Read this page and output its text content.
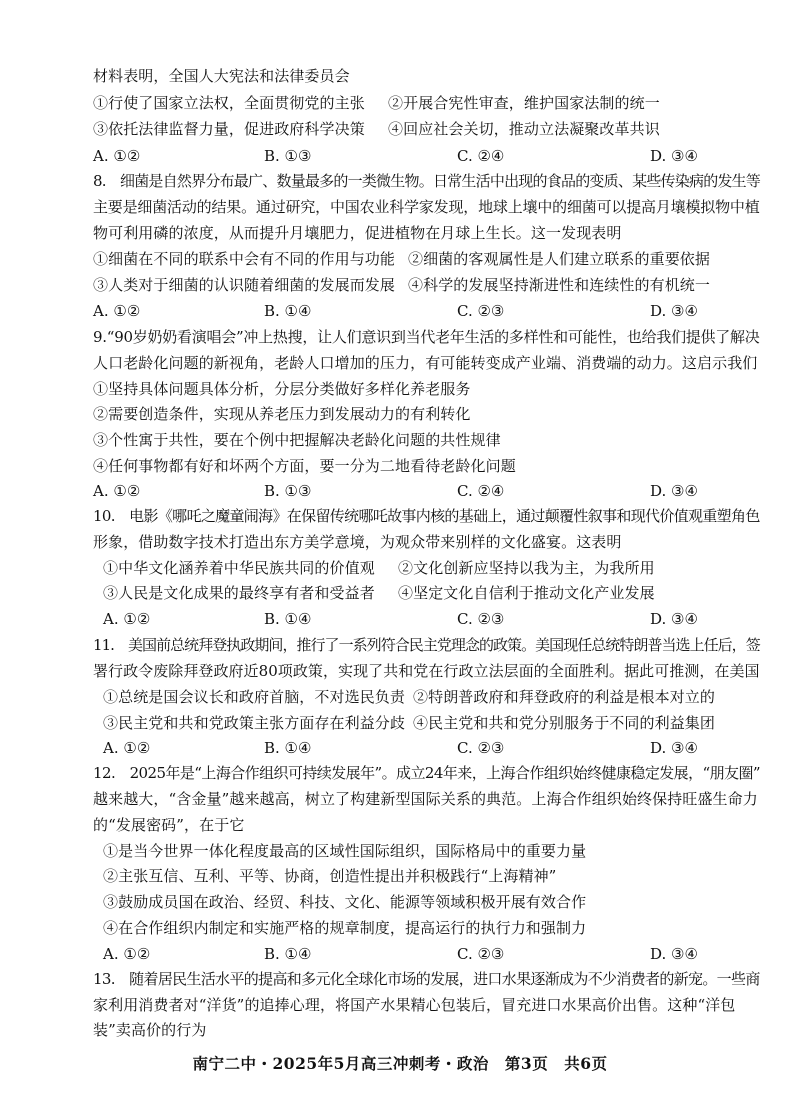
材料表明，全国人大宪法和法律委员会
①行使了国家立法权，全面贯彻党的主张 ②开展合宪性审查，维护国家法制的统一
③依托法律监督力量，促进政府科学决策 ④回应社会关切，推动立法凝聚改革共识
A. ①②	B. ①③	C. ②④	D. ③④
8.　细菌是自然界分布最广、数量最多的一类微生物。日常生活中出现的食品的变质、某些传染病的发生等
主要是细菌活动的结果。通过研究，中国农业科学家发现，地球上壤中的细菌可以提高月壤模拟物中植
物可利用磷的浓度，从而提升月壤肥力，促进植物在月球上生长。这一发现表明
①细菌在不同的联系中会有不同的作用与功能 ②细菌的客观属性是人们建立联系的重要依据
③人类对于细菌的认识随着细菌的发展而发展 ④科学的发展坚持渐进性和连续性的有机统一
A. ①②	B. ①④	C. ②③	D. ③④
9.“90岁奶奶看演唱会”冲上热搜，让人们意识到当代老年生活的多样性和可能性，也给我们提供了解决
人口老龄化问题的新视角，老龄人口增加的压力，有可能转变成产业端、消费端的动力。这启示我们
①坚持具体问题具体分析，分层分类做好多样化养老服务
②需要创造条件，实现从养老压力到发展动力的有利转化
③个性寓于共性，要在个例中把握解决老龄化问题的共性规律
④任何事物都有好和坏两个方面，要一分为二地看待老龄化问题
A. ①②	B. ①③	C. ②④	D. ③④
10.　电影《哪吒之魔童闹海》在保留传统哪吒故事内核的基础上，通过颠覆性叙事和现代价值观重塑角色
形象，借助数字技术打造出东方美学意境，为观众带来别样的文化盛宴。这表明
①中华文化涵养着中华民族共同的价值观 ②文化创新应坚持以我为主，为我所用
③人民是文化成果的最终享有者和受益者 ④坚定文化自信利于推动文化产业发展
A. ①②	B. ①④	C. ②③	D. ③④
11.　美国前总统拜登执政期间，推行了一系列符合民主党理念的政策。美国现任总统特朗普当选上任后，签
署行政令废除拜登政府近80项政策，实现了共和党在行政立法层面的全面胜利。据此可推测，在美国
①总统是国会议长和政府首脑，不对选民负责 ②特朗普政府和拜登政府的利益是根本对立的
③民主党和共和党政策主张方面存在利益分歧 ④民主党和共和党分别服务于不同的利益集团
A. ①②	B. ①④	C. ②③	D. ③④
12.　2025年是“上海合作组织可持续发展年”。成立24年来，上海合作组织始终健康稳定发展，“朋友圈”
越来越大，“含金量”越来越高，树立了构建新型国际关系的典范。上海合作组织始终保持旺盛生命力
的“发展密码”，在于它
①是当今世界一体化程度最高的区域性国际组织，国际格局中的重要力量
②主张互信、互利、平等、协商，创造性提出并积极践行“上海精神”
③鼓励成员国在政治、经贸、科技、文化、能源等领域积极开展有效合作
④在合作组织内制定和实施严格的规章制度，提高运行的执行力和强制力
A. ①②	B. ①④	C. ②③	D. ③④
13.　随着居民生活水平的提高和多元化全球化市场的发展，进口水果逐渐成为不少消费者的新宠。一些商
家利用消费者对“洋货”的追捧心理，将国产水果精心包装后，冒充进口水果高价出售。这种“洋包
装”卖高价的行为
南宁二中・2025年5月高三冲刺考・政治　第3页　共6页
